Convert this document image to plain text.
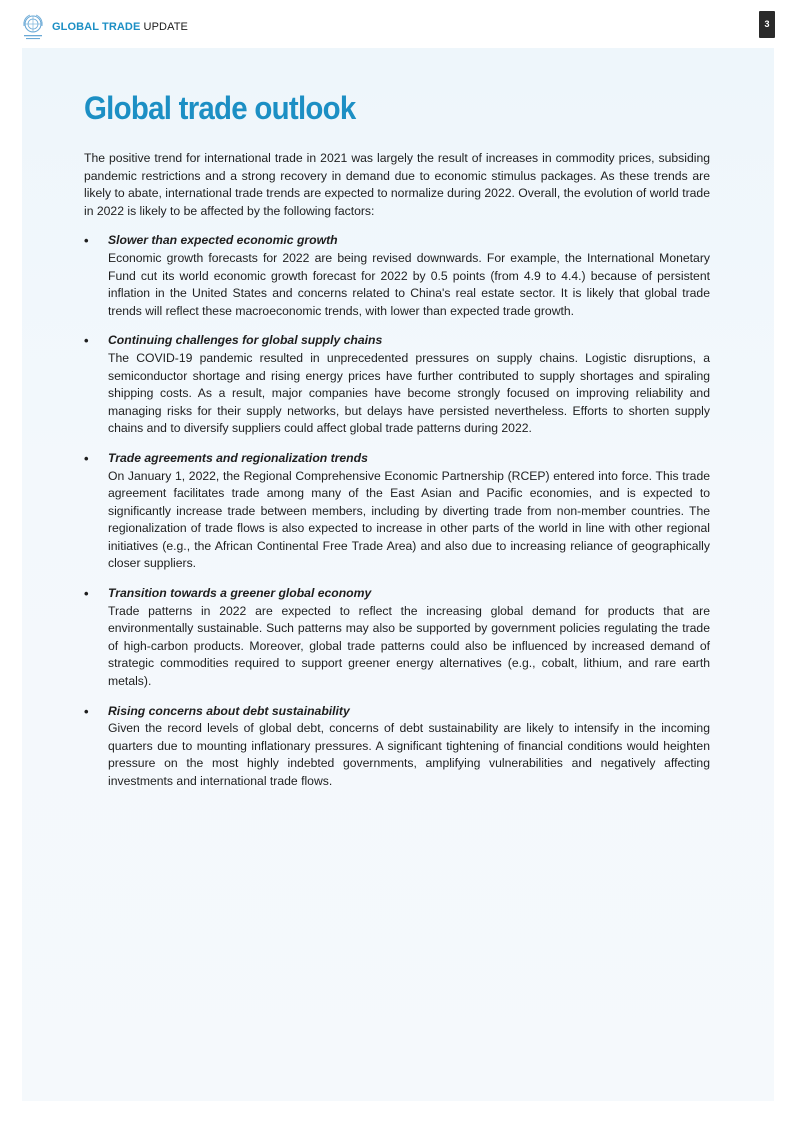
GLOBAL TRADE UPDATE	3
Global trade outlook

The positive trend for international trade in 2021 was largely the result of increases in commodity prices, subsiding pandemic restrictions and a strong recovery in demand due to economic stimulus packages. As these trends are likely to abate, international trade trends are expected to normalize during 2022. Overall, the evolution of world trade in 2022 is likely to be affected by the following factors:

•	Slower than expected economic growth

Economic growth forecasts for 2022 are being revised downwards. For example, the International Monetary Fund cut its world economic growth forecast for 2022 by 0.5 points (from 4.9 to 4.4.) because of persistent inflation in the United States and concerns related to China's real estate sector. It is likely that global trade trends will reflect these macroeconomic trends, with lower than expected trade growth.

•	Continuing challenges for global supply chains

The COVID-19 pandemic resulted in unprecedented pressures on supply chains. Logistic disruptions, a semiconductor shortage and rising energy prices have further contributed to supply shortages and spiraling shipping costs. As a result, major companies have become strongly focused on improving reliability and managing risks for their supply networks, but delays have persisted nevertheless. Efforts to shorten supply chains and to diversify suppliers could affect global trade patterns during 2022.

•	Trade agreements and regionalization trends

On January 1, 2022, the Regional Comprehensive Economic Partnership (RCEP) entered into force. This trade agreement facilitates trade among many of the East Asian and Pacific economies, and is expected to significantly increase trade between members, including by diverting trade from non-member countries. The regionalization of trade flows is also expected to increase in other parts of the world in line with other regional initiatives (e.g., the African Continental Free Trade Area) and also due to increasing reliance of geographically closer suppliers.

•	Transition towards a greener global economy

Trade patterns in 2022 are expected to reflect the increasing global demand for products that are environmentally sustainable. Such patterns may also be supported by government policies regulating the trade of high-carbon products. Moreover, global trade patterns could also be influenced by increased demand of strategic commodities required to support greener energy alternatives (e.g., cobalt, lithium, and rare earth metals).

•	Rising concerns about debt sustainability

Given the record levels of global debt, concerns of debt sustainability are likely to intensify in the incoming quarters due to mounting inflationary pressures. A significant tightening of financial conditions would heighten pressure on the most highly indebted governments, amplifying vulnerabilities and negatively affecting investments and international trade flows.
